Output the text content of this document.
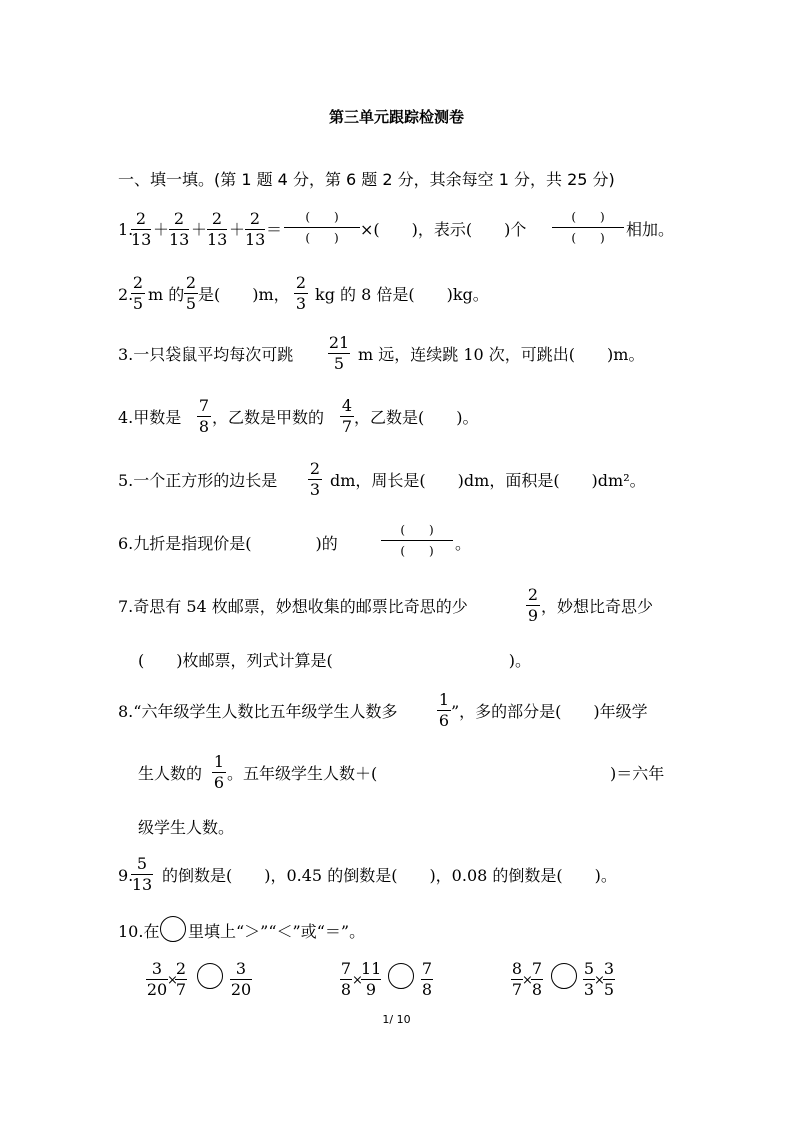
第三单元跟踪检测卷
一、填一填。(第 1 题 4 分，第 6 题 2 分，其余每空 1 分，共 25 分)
1.
2
13
＋
2
13
＋
2
13
＋
2
13
＝
(　　)
(　　)	×(　　)，表示(　　)个
(　　)
(　　)	相加。
2.
2
5 m 的
2
5 是(　　)m，
2
3 kg 的 8 倍是(　　)kg。
3.一只袋鼠平均每次可跳
21
5 m 远，连续跳 10 次，可跳出(　　)m。
4.甲数是
7
8 ，乙数是甲数的
4
7 ，乙数是(　　)。
5.一个正方形的边长是
2
3 dm，周长是(　　)dm，面积是(　　)dm²。
6.九折是指现价是(　　　　)的
(　　)
(　　)	。
7.奇思有 54 枚邮票，妙想收集的邮票比奇思的少
2
9 ，妙想比奇思少
(　　)枚邮票，列式计算是(　　　　　　　　　　　)。
8.“六年级学生人数比五年级学生人数多
1
6 ”，多的部分是(　　)年级学
生人数的
1
6 。五年级学生人数＋(	)＝六年
级学生人数。
9.
5
13 的倒数是(　　)，0.45 的倒数是(　　)，0.08 的倒数是(　　)。
10.在 里填上“＞”“＜”或“＝”。
3
20 ×
2
7
3
20
7
8 ×
11
9
7
8
8
7 ×
7
8
5
3 ×
3
5
1/ 10
